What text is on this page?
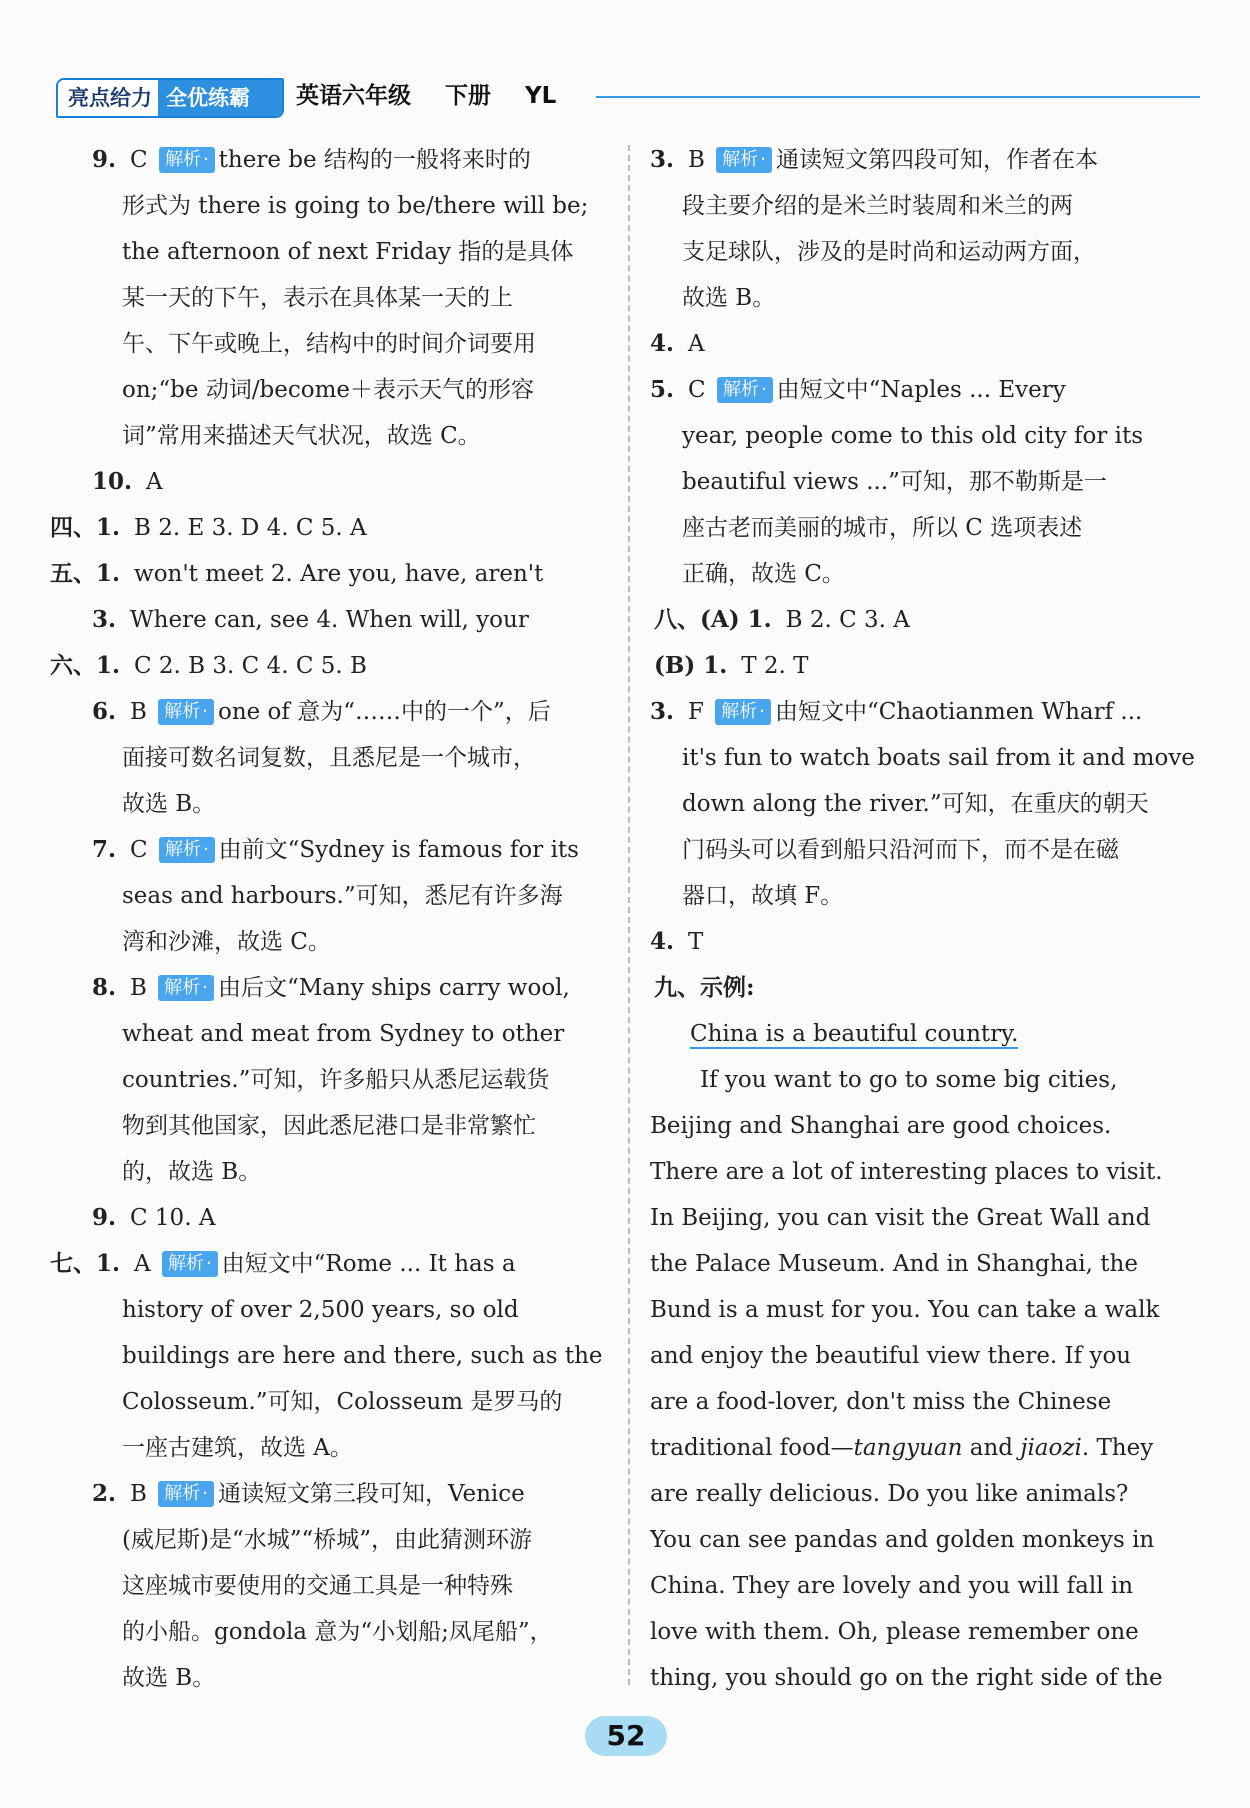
亮点给力 全优练霸	英语六年级 下册 YL
9. C 解析 · there be 结构的一般将来时的
形式为 there is going to be/there will be;
the afternoon of next Friday 指的是具体
某一天的下午，表示在具体某一天的上
午、下午或晚上，结构中的时间介词要用
on;“be 动词/become＋表示天气的形容
词”常用来描述天气状况，故选 C。
10. A
四、1. B 2. E 3. D 4. C 5. A
五、1. won't meet 2. Are you, have, aren't
3. Where can, see 4. When will, your
六、1. C 2. B 3. C 4. C 5. B
6. B 解析 · one of 意为“……中的一个”，后
面接可数名词复数，且悉尼是一个城市，
故选 B。
7. C 解析 · 由前文“Sydney is famous for its
seas and harbours.”可知，悉尼有许多海
湾和沙滩，故选 C。
8. B 解析 · 由后文“Many ships carry wool,
wheat and meat from Sydney to other
countries.”可知，许多船只从悉尼运载货
物到其他国家，因此悉尼港口是非常繁忙
的，故选 B。
9. C 10. A
七、1. A 解析 · 由短文中“Rome ... It has a
history of over 2,500 years, so old
buildings are here and there, such as the
Colosseum.”可知，Colosseum 是罗马的
一座古建筑，故选 A。
2. B 解析 · 通读短文第三段可知，Venice
(威尼斯)是“水城”“桥城”，由此猜测环游
这座城市要使用的交通工具是一种特殊
的小船。gondola 意为“小划船;凤尾船”，
故选 B。
3. B 解析 · 通读短文第四段可知，作者在本
段主要介绍的是米兰时装周和米兰的两
支足球队，涉及的是时尚和运动两方面，
故选 B。
4. A
5. C 解析 · 由短文中“Naples ... Every
year, people come to this old city for its
beautiful views ...”可知，那不勒斯是一
座古老而美丽的城市，所以 C 选项表述
正确，故选 C。
八、(A) 1. B 2. C 3. A
(B) 1. T 2. T
3. F 解析 · 由短文中“Chaotianmen Wharf ...
it's fun to watch boats sail from it and move
down along the river.”可知，在重庆的朝天
门码头可以看到船只沿河而下，而不是在磁
器口，故填 F。
4. T
九、示例:
China is a beautiful country.
If you want to go to some big cities,
Beijing and Shanghai are good choices.
There are a lot of interesting places to visit.
In Beijing, you can visit the Great Wall and
the Palace Museum. And in Shanghai, the
Bund is a must for you. You can take a walk
and enjoy the beautiful view there. If you
are a food-lover, don't miss the Chinese
traditional food—tangyuan and jiaozi. They
are really delicious. Do you like animals?
You can see pandas and golden monkeys in
China. They are lovely and you will fall in
love with them. Oh, please remember one
thing, you should go on the right side of the
52
